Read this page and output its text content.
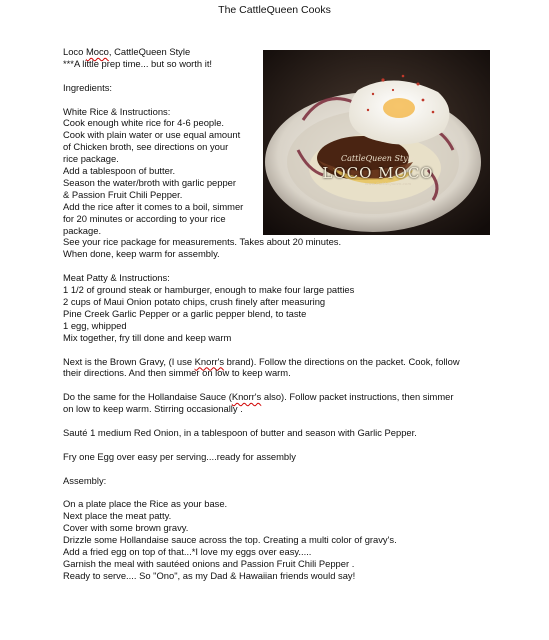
The CattleQueen Cooks
CattleQueen Style
LOCO MOCO
www.CattleQueen.com
Loco Moco, CattleQueen Style
***A little prep time... but so worth it!
Ingredients:
White Rice & Instructions:
Cook enough white rice for 4-6 people.
Cook with plain water or use equal amount
of Chicken broth, see directions on your
rice package.
Add a tablespoon of butter.
Season the water/broth with garlic pepper
& Passion Fruit Chili Pepper.
Add the rice after it comes to a boil, simmer
for 20 minutes or according to your rice
package.
See your rice package for measurements. Takes about 20 minutes.
When done, keep warm for assembly.
Meat Patty & Instructions:
1 1/2 of ground steak or hamburger, enough to make four large patties
2 cups of Maui Onion potato chips, crush finely after measuring
Pine Creek Garlic Pepper or a garlic pepper blend, to taste
1 egg, whipped
Mix together, fry till done and keep warm
Next is the Brown Gravy, (I use Knorr's brand). Follow the directions on the packet. Cook, follow
their directions. And then simmer on low to keep warm.
Do the same for the Hollandaise Sauce (Knorr's also). Follow packet instructions, then simmer
on low to keep warm. Stirring occasionally .
Sauté 1 medium Red Onion, in a tablespoon of butter and season with Garlic Pepper.
Fry one Egg over easy per serving....ready for assembly
Assembly:
On a plate place the Rice as your base.
Next place the meat patty.
Cover with some brown gravy.
Drizzle some Hollandaise sauce across the top. Creating a multi color of gravy's.
Add a fried egg on top of that...*I love my eggs over easy.....
Garnish the meal with sautéed onions and Passion Fruit Chili Pepper .
Ready to serve.... So "Ono", as my Dad & Hawaiian friends would say!
